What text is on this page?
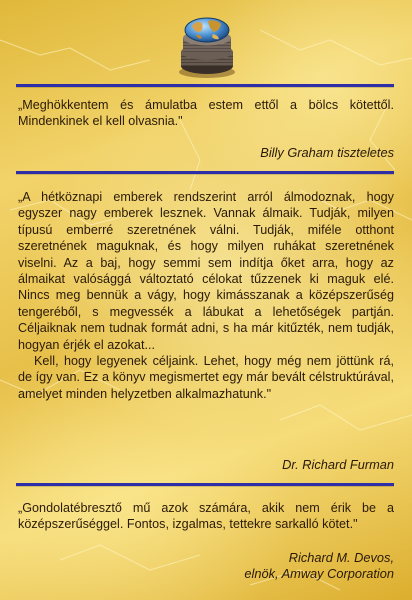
„Meghökkentem és ámulatba estem ettől a bölcs kötettől. Mindenkinek el kell olvasnia."

Billy Graham tiszteletes

„A hétköznapi emberek rendszerint arról álmodoznak, hogy egyszer nagy emberek lesznek. Vannak álmaik. Tudják, milyen típusú emberré szeretnének válni. Tudják, miféle otthont szeretnének maguknak, és hogy milyen ruhákat szeretnének viselni. Az a baj, hogy semmi sem indítja őket arra, hogy az álmaikat valósággá változtató célokat tűzzenek ki maguk elé. Nincs meg bennük a vágy, hogy kimásszanak a középszerűség tengeréből, s megvessék a lábukat a lehetőségek partján. Céljaiknak nem tudnak formát adni, s ha már kitűzték, nem tudják, hogyan érjék el azokat...

Kell, hogy legyenek céljaink. Lehet, hogy még nem jöttünk rá, de így van. Ez a könyv megismertet egy már bevált célstruktúrával, amelyet minden helyzetben alkalmazhatunk."

Dr. Richard Furman

„Gondolatébresztő mű azok számára, akik nem érik be a középszerűséggel. Fontos, izgalmas, tettekre sarkalló kötet."

Richard M. Devos,
elnök, Amway Corporation
